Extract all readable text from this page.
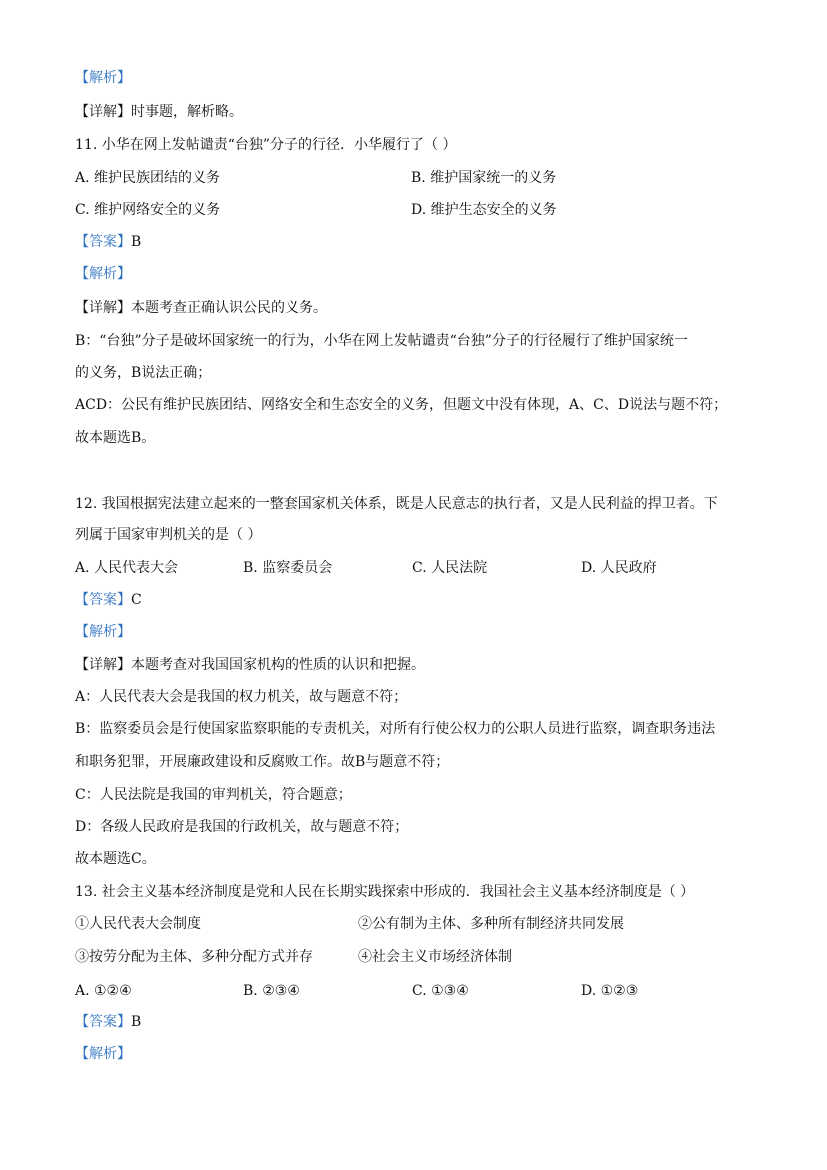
【解析】
【详解】时事题，解析略。
11. 小华在网上发帖谴责“台独”分子的行径．小华履行了（ ）
A. 维护民族团结的义务	B. 维护国家统一的义务
C. 维护网络安全的义务	D. 维护生态安全的义务
【答案】B
【解析】
【详解】本题考查正确认识公民的义务。
B：“台独”分子是破坏国家统一的行为，小华在网上发帖谴责“台独”分子的行径履行了维护国家统一
的义务，B说法正确；
ACD：公民有维护民族团结、网络安全和生态安全的义务，但题文中没有体现，A、C、D说法与题不符；
故本题选B。
12. 我国根据宪法建立起来的一整套国家机关体系，既是人民意志的执行者，又是人民利益的捍卫者。下
列属于国家审判机关的是（ ）
A. 人民代表大会	B. 监察委员会	C. 人民法院	D. 人民政府
【答案】C
【解析】
【详解】本题考查对我国国家机构的性质的认识和把握。
A：人民代表大会是我国的权力机关，故与题意不符；
B：监察委员会是行使国家监察职能的专责机关，对所有行使公权力的公职人员进行监察，调查职务违法
和职务犯罪，开展廉政建设和反腐败工作。故B与题意不符；
C：人民法院是我国的审判机关，符合题意；
D：各级人民政府是我国的行政机关，故与题意不符；
故本题选C。
13. 社会主义基本经济制度是党和人民在长期实践探索中形成的．我国社会主义基本经济制度是（ ）
①人民代表大会制度	②公有制为主体、多种所有制经济共同发展
③按劳分配为主体、多种分配方式并存	④社会主义市场经济体制
A. ①②④	B. ②③④	C. ①③④	D. ①②③
【答案】B
【解析】
